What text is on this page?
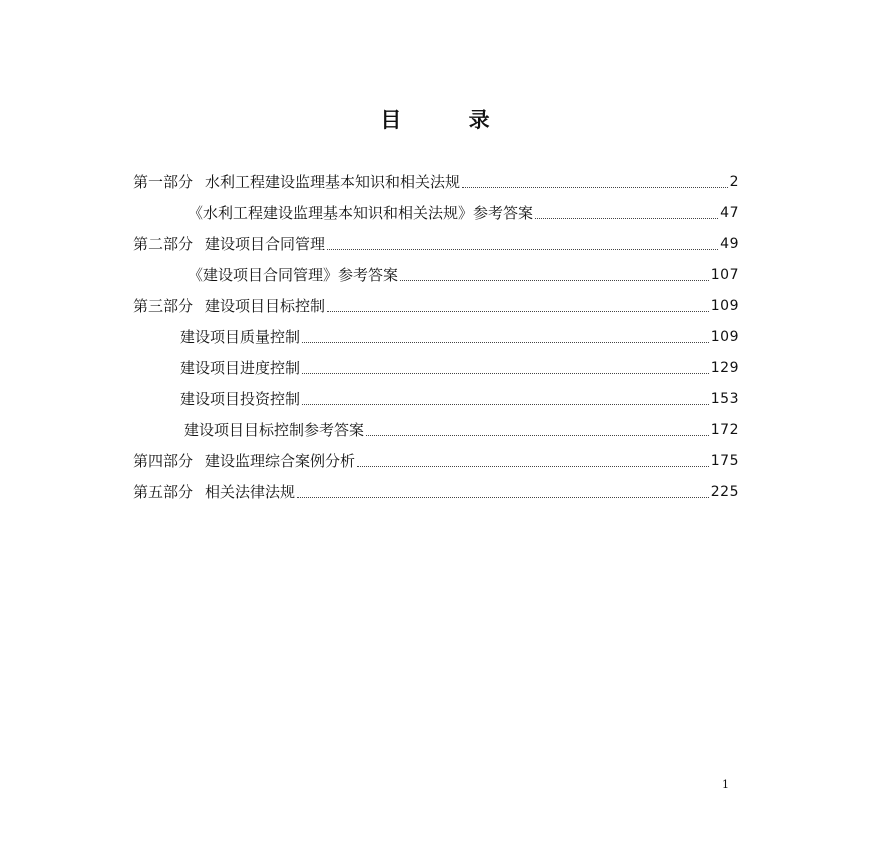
目 录
第一部分 水利工程建设监理基本知识和相关法规	2
《水利工程建设监理基本知识和相关法规》参考答案	47
第二部分 建设项目合同管理	49
《建设项目合同管理》参考答案	107
第三部分 建设项目目标控制	109
建设项目质量控制	109
建设项目进度控制	129
建设项目投资控制	153
建设项目目标控制参考答案	172
第四部分 建设监理综合案例分析	175
第五部分 相关法律法规	225
1
